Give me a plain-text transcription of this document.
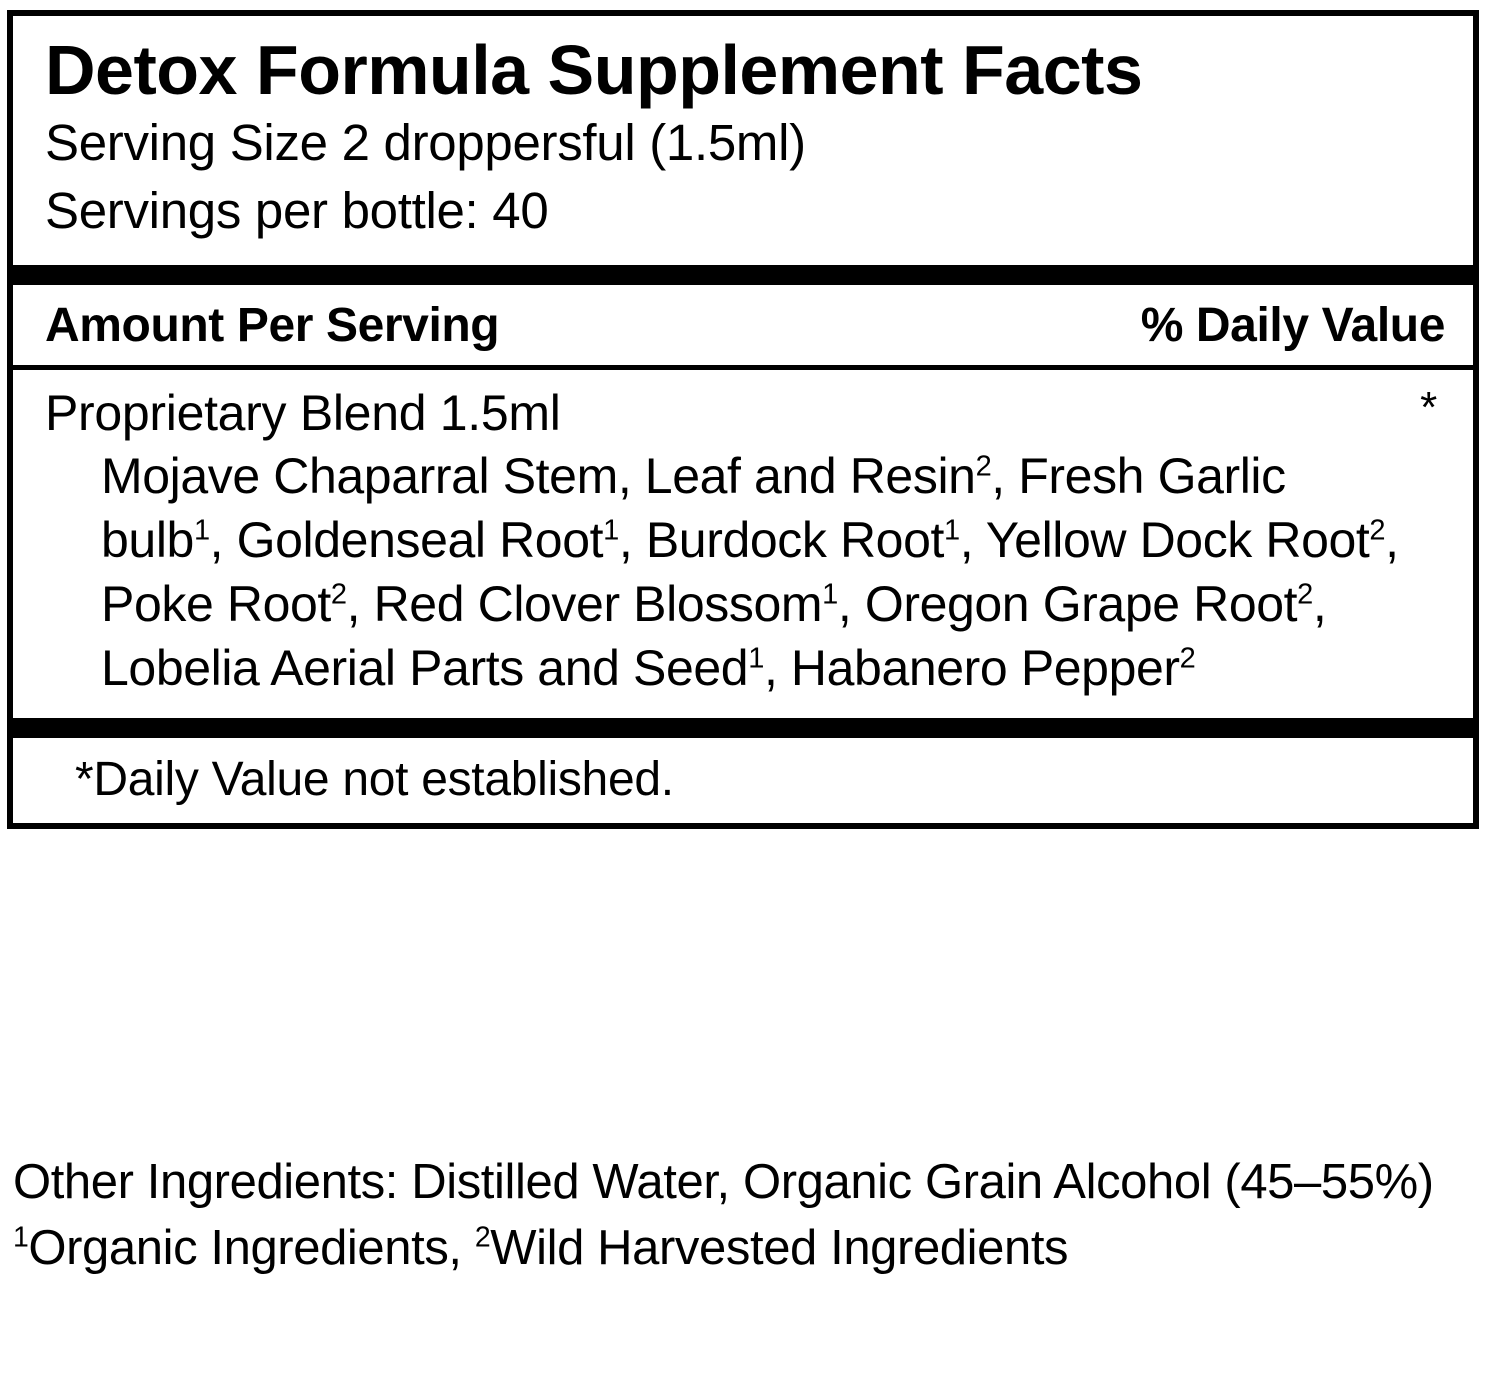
Detox Formula Supplement Facts
Serving Size 2 droppersful (1.5ml)
Servings per bottle: 40
Amount Per Serving	% Daily Value
Proprietary Blend 1.5ml	*
Mojave Chaparral Stem, Leaf and Resin$^2$, Fresh Garlic bulb$^1$, Goldenseal Root$^1$, Burdock Root$^1$, Yellow Dock Root$^2$, Poke Root$^2$, Red Clover Blossom$^1$, Oregon Grape Root$^2$, Lobelia Aerial Parts and Seed$^1$, Habanero Pepper$^2$
*Daily Value not established.
Other Ingredients: Distilled Water, Organic Grain Alcohol (45–55%)
$^1$Organic Ingredients, $^2$Wild Harvested Ingredients
